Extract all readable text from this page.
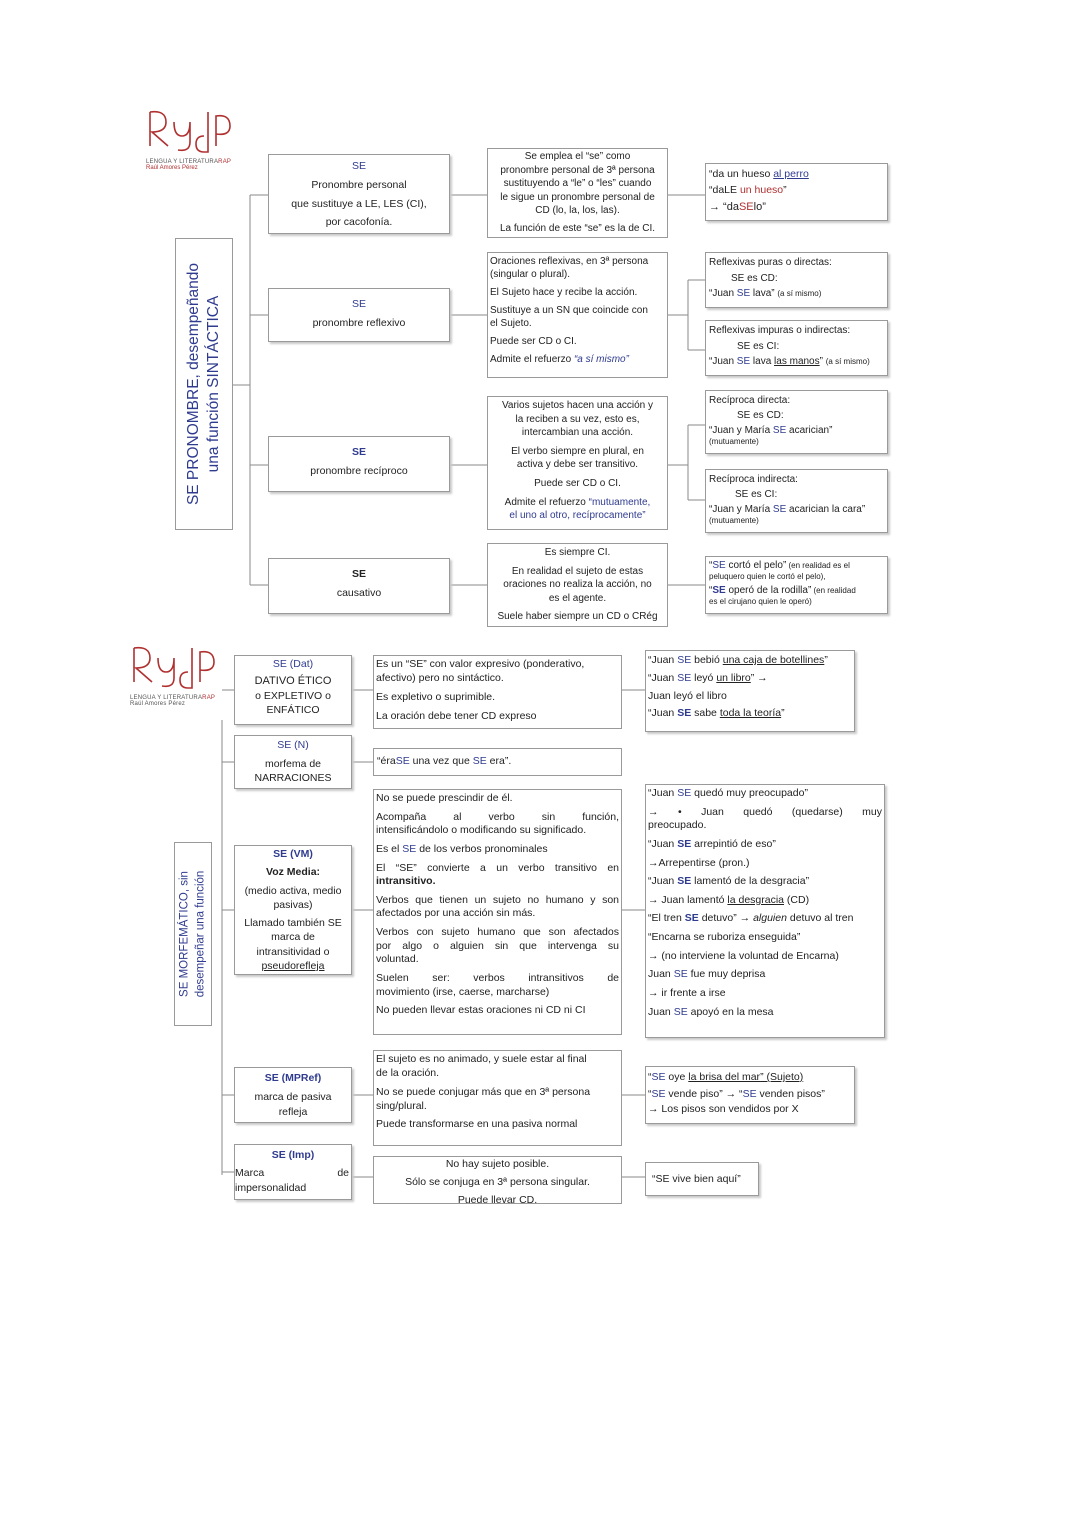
LENGUA Y LITERATURARAP
Raúl Amores Pérez
SE PRONOMBRE, desempeñando una función SINTÁCTICA

SE

Pronombre personal

que sustituye a LE, LES (CI),

por cacofonía.

SE

pronombre reflexivo

SE

pronombre recíproco

SE

causativo

Se emplea el “se” como

pronombre personal de 3ª persona

sustituyendo a “le” o “les” cuando

le sigue un pronombre personal de

CD (lo, la, los, las).

La función de este “se” es la de CI.

Oraciones reflexivas, en 3ª persona

(singular o plural).

El Sujeto hace y recibe la acción.

Sustituye a un SN que coincide con

el Sujeto.

Puede ser CD o CI.

Admite el refuerzo “a sí mismo”

Varios sujetos hacen una acción y

la reciben a su vez, esto es,

intercambian una acción.

El verbo siempre en plural, en

activa y debe ser transitivo.

Puede ser CD o CI.

Admite el refuerzo “mutuamente,

el uno al otro, recíprocamente”

Es siempre CI.

En realidad el sujeto de estas

oraciones no realiza la acción, no

es el agente.

Suele haber siempre un CD o CRég

“da un hueso al perro

“daLE un hueso”

→ “daSElo”

Reflexivas puras o directas:

SE es CD:

“Juan SE lava” (a sí mismo)

Reflexivas impuras o indirectas:

SE es CI:

“Juan SE lava las manos” (a sí mismo)

Recíproca directa:

SE es CD:

“Juan y María SE acarician”

(mutuamente)

Recíproca indirecta:

SE es CI:

“Juan y María SE acarician la cara”

(mutuamente)

“SE cortó el pelo” (en realidad es el

peluquero quien le cortó el pelo),

“SE operó de la rodilla” (en realidad

es el cirujano quien le operó)

LENGUA Y LITERATURARAP
Raúl Amores Pérez
SE MORFEMÁTICO, sin desempeñar una función

SE (Dat)

DATIVO ÉTICO

o EXPLETIVO o

ENFÁTICO

SE (N)

morfema de

NARRACIONES

SE (VM)

Voz Media:

(medio activa, medio

pasivas)

Llamado también SE

marca de

intransitividad o

pseudorefleja

SE (MPRef)

marca de pasiva

refleja

SE (Imp)

Marca	de

impersonalidad

Es un “SE” con valor expresivo (ponderativo,

afectivo) pero no sintáctico.

Es expletivo o suprimible.

La oración debe tener CD expreso

“éraSE una vez que SE era”.

No se puede prescindir de él.

Acompaña al verbo sin función,

intensificándolo o modificando su significado.

Es el SE de los verbos pronominales

El “SE” convierte a un verbo transitivo en

intransitivo.

Verbos que tienen un sujeto no humano y son

afectados por una acción sin más.

Verbos con sujeto humano que son afectados

por algo o alguien sin que intervenga su

voluntad.

Suelen ser: verbos intransitivos de

movimiento (irse, caerse, marcharse)

No pueden llevar estas oraciones ni CD ni CI

El sujeto es no animado, y suele estar al final

de la oración.

No se puede conjugar más que en 3ª persona

sing/plural.

Puede transformarse en una pasiva normal

No hay sujeto posible.

Sólo se conjuga en 3ª persona singular.

Puede llevar CD.

“Juan SE bebió una caja de botellines”

“Juan SE leyó un libro” →

Juan leyó el libro

“Juan SE sabe toda la teoría”

“Juan SE quedó muy preocupado”

→ • Juan quedó (quedarse) muy

preocupado.

“Juan SE arrepintió de eso”

→Arrepentirse (pron.)

“Juan SE lamentó de la desgracia”

→ Juan lamentó la desgracia (CD)

“El tren SE detuvo” → alguien detuvo al tren

“Encarna se ruboriza enseguida”

→ (no interviene la voluntad de Encarna)

Juan SE fue muy deprisa

→ ir frente a irse

Juan SE apoyó en la mesa

“SE oye la brisa del mar” (Sujeto)

“SE vende piso” → “SE venden pisos”

→ Los pisos son vendidos por X

“SE vive bien aquí”
